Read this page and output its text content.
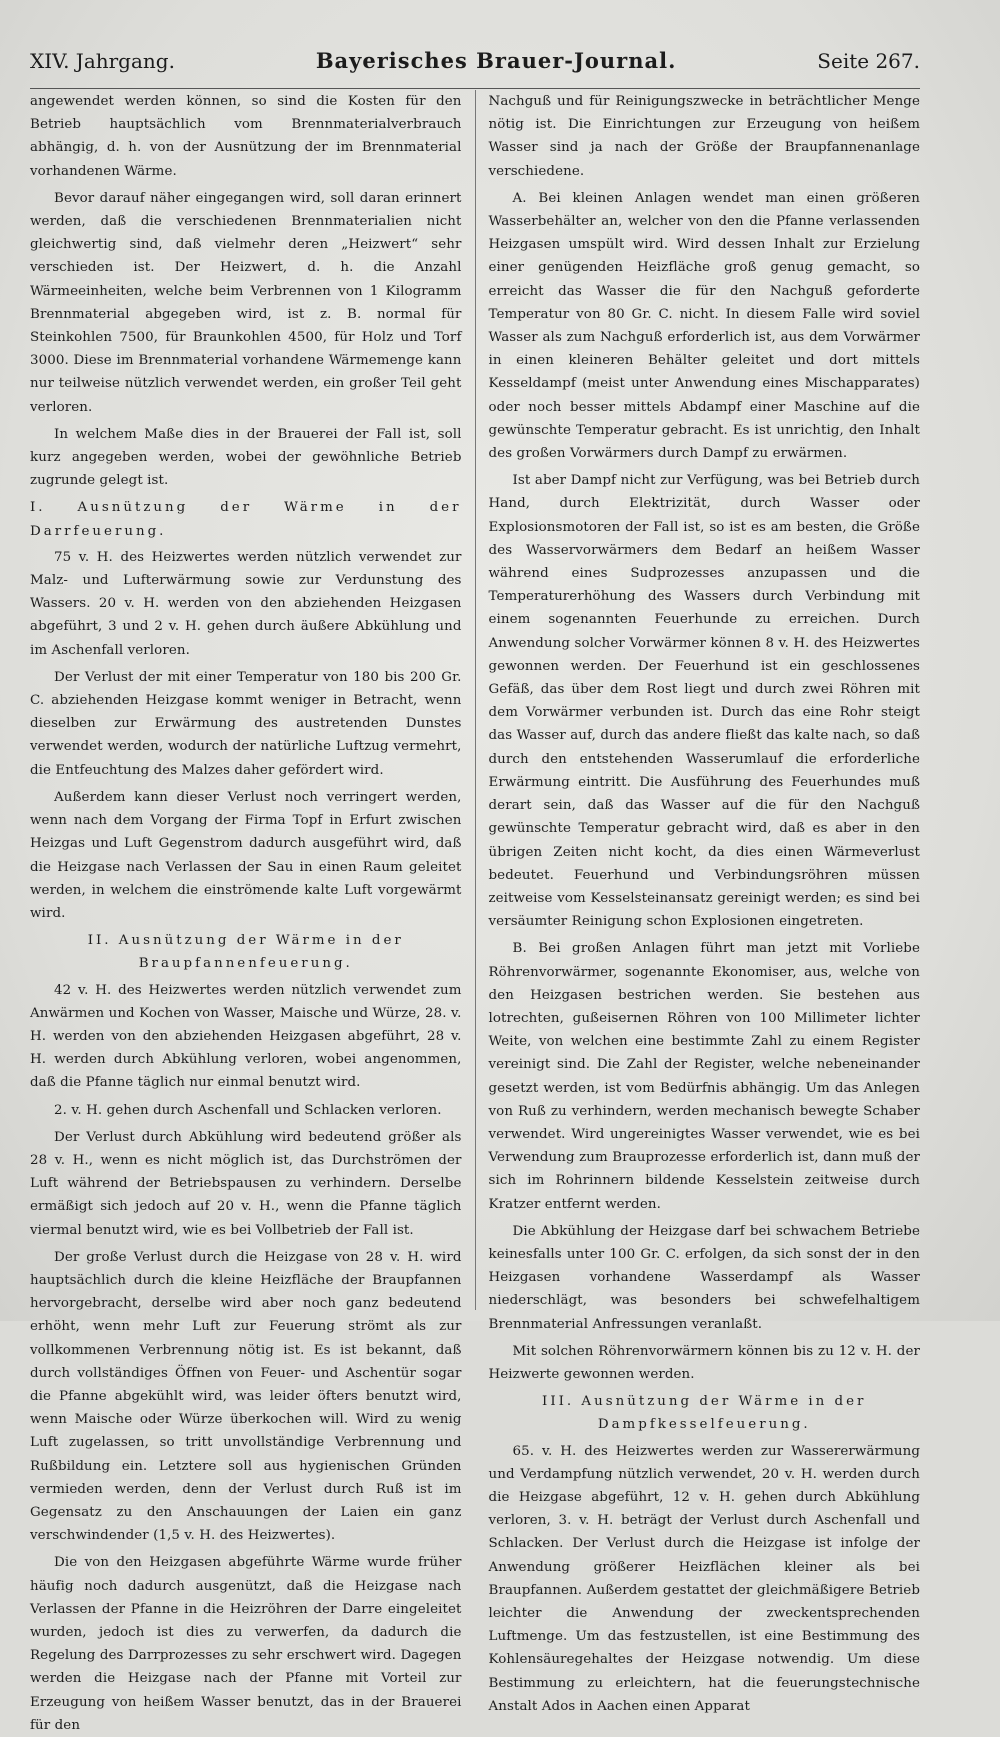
XIV. Jahrgang.	Bayerisches Brauer-Journal.	Seite 267.

angewendet werden können, so sind die Kosten für den Betrieb hauptsächlich vom Brennmaterialverbrauch abhängig, d. h. von der Ausnützung der im Brennmaterial vorhandenen Wärme.

Bevor darauf näher eingegangen wird, soll daran erinnert werden, daß die verschiedenen Brennmaterialien nicht gleichwertig sind, daß vielmehr deren „Heizwert“ sehr verschieden ist. Der Heizwert, d. h. die Anzahl Wärmeeinheiten, welche beim Verbrennen von 1 Kilogramm Brennmaterial abgegeben wird, ist z. B. normal für Steinkohlen 7500, für Braunkohlen 4500, für Holz und Torf 3000. Diese im Brennmaterial vorhandene Wärmemenge kann nur teilweise nützlich verwendet werden, ein großer Teil geht verloren.

In welchem Maße dies in der Brauerei der Fall ist, soll kurz angegeben werden, wobei der gewöhnliche Betrieb zugrunde gelegt ist.

I. Ausnützung der Wärme in der Darrfeuerung.

75 v. H. des Heizwertes werden nützlich verwendet zur Malz- und Lufterwärmung sowie zur Verdunstung des Wassers. 20 v. H. werden von den abziehenden Heizgasen abgeführt, 3 und 2 v. H. gehen durch äußere Abkühlung und im Aschenfall verloren.

Der Verlust der mit einer Temperatur von 180 bis 200 Gr. C. abziehenden Heizgase kommt weniger in Betracht, wenn dieselben zur Erwärmung des austretenden Dunstes verwendet werden, wodurch der natürliche Luftzug vermehrt, die Entfeuchtung des Malzes daher gefördert wird.

Außerdem kann dieser Verlust noch verringert werden, wenn nach dem Vorgang der Firma Topf in Erfurt zwischen Heizgas und Luft Gegenstrom dadurch ausgeführt wird, daß die Heizgase nach Verlassen der Sau in einen Raum geleitet werden, in welchem die einströmende kalte Luft vorgewärmt wird.

II. Ausnützung der Wärme in der
Braupfannenfeuerung.

42 v. H. des Heizwertes werden nützlich verwendet zum Anwärmen und Kochen von Wasser, Maische und Würze, 28. v. H. werden von den abziehenden Heizgasen abgeführt, 28 v. H. werden durch Abkühlung verloren, wobei angenommen, daß die Pfanne täglich nur einmal benutzt wird.

2. v. H. gehen durch Aschenfall und Schlacken verloren.

Der Verlust durch Abkühlung wird bedeutend größer als 28 v. H., wenn es nicht möglich ist, das Durchströmen der Luft während der Betriebspausen zu verhindern. Derselbe ermäßigt sich jedoch auf 20 v. H., wenn die Pfanne täglich viermal benutzt wird, wie es bei Vollbetrieb der Fall ist.

Der große Verlust durch die Heizgase von 28 v. H. wird hauptsächlich durch die kleine Heizfläche der Braupfannen hervorgebracht, derselbe wird aber noch ganz bedeutend erhöht, wenn mehr Luft zur Feuerung strömt als zur vollkommenen Verbrennung nötig ist. Es ist bekannt, daß durch vollständiges Öffnen von Feuer- und Aschentür sogar die Pfanne abgekühlt wird, was leider öfters benutzt wird, wenn Maische oder Würze überkochen will. Wird zu wenig Luft zugelassen, so tritt unvollständige Verbrennung und Rußbildung ein. Letztere soll aus hygienischen Gründen vermieden werden, denn der Verlust durch Ruß ist im Gegensatz zu den Anschauungen der Laien ein ganz verschwindender (1,5 v. H. des Heizwertes).

Die von den Heizgasen abgeführte Wärme wurde früher häufig noch dadurch ausgenützt, daß die Heizgase nach Verlassen der Pfanne in die Heizröhren der Darre eingeleitet wurden, jedoch ist dies zu verwerfen, da dadurch die Regelung des Darrprozesses zu sehr erschwert wird. Dagegen werden die Heizgase nach der Pfanne mit Vorteil zur Erzeugung von heißem Wasser benutzt, das in der Brauerei für den

Nachguß und für Reinigungszwecke in beträchtlicher Menge nötig ist. Die Einrichtungen zur Erzeugung von heißem Wasser sind ja nach der Größe der Braupfannenanlage verschiedene.

A. Bei kleinen Anlagen wendet man einen größeren Wasserbehälter an, welcher von den die Pfanne verlassenden Heizgasen umspült wird. Wird dessen Inhalt zur Erzielung einer genügenden Heizfläche groß genug gemacht, so erreicht das Wasser die für den Nachguß geforderte Temperatur von 80 Gr. C. nicht. In diesem Falle wird soviel Wasser als zum Nachguß erforderlich ist, aus dem Vorwärmer in einen kleineren Behälter geleitet und dort mittels Kesseldampf (meist unter Anwendung eines Mischapparates) oder noch besser mittels Abdampf einer Maschine auf die gewünschte Temperatur gebracht. Es ist unrichtig, den Inhalt des großen Vorwärmers durch Dampf zu erwärmen.

Ist aber Dampf nicht zur Verfügung, was bei Betrieb durch Hand, durch Elektrizität, durch Wasser oder Explosionsmotoren der Fall ist, so ist es am besten, die Größe des Wasservorwärmers dem Bedarf an heißem Wasser während eines Sudprozesses anzupassen und die Temperaturerhöhung des Wassers durch Verbindung mit einem sogenannten Feuerhunde zu erreichen. Durch Anwendung solcher Vorwärmer können 8 v. H. des Heizwertes gewonnen werden. Der Feuerhund ist ein geschlossenes Gefäß, das über dem Rost liegt und durch zwei Röhren mit dem Vorwärmer verbunden ist. Durch das eine Rohr steigt das Wasser auf, durch das andere fließt das kalte nach, so daß durch den entstehenden Wasserumlauf die erforderliche Erwärmung eintritt. Die Ausführung des Feuerhundes muß derart sein, daß das Wasser auf die für den Nachguß gewünschte Temperatur gebracht wird, daß es aber in den übrigen Zeiten nicht kocht, da dies einen Wärmeverlust bedeutet. Feuerhund und Verbindungsröhren müssen zeitweise vom Kesselsteinansatz gereinigt werden; es sind bei versäumter Reinigung schon Explosionen eingetreten.

B. Bei großen Anlagen führt man jetzt mit Vorliebe Röhrenvorwärmer, sogenannte Ekonomiser, aus, welche von den Heizgasen bestrichen werden. Sie bestehen aus lotrechten, gußeisernen Röhren von 100 Millimeter lichter Weite, von welchen eine bestimmte Zahl zu einem Register vereinigt sind. Die Zahl der Register, welche nebeneinander gesetzt werden, ist vom Bedürfnis abhängig. Um das Anlegen von Ruß zu verhindern, werden mechanisch bewegte Schaber verwendet. Wird ungereinigtes Wasser verwendet, wie es bei Verwendung zum Brauprozesse erforderlich ist, dann muß der sich im Rohrinnern bildende Kesselstein zeitweise durch Kratzer entfernt werden.

Die Abkühlung der Heizgase darf bei schwachem Betriebe keinesfalls unter 100 Gr. C. erfolgen, da sich sonst der in den Heizgasen vorhandene Wasserdampf als Wasser niederschlägt, was besonders bei schwefelhaltigem Brennmaterial Anfressungen veranlaßt.

Mit solchen Röhrenvorwärmern können bis zu 12 v. H. der Heizwerte gewonnen werden.

III. Ausnützung der Wärme in der
Dampfkesselfeuerung.

65. v. H. des Heizwertes werden zur Wassererwärmung und Verdampfung nützlich verwendet, 20 v. H. werden durch die Heizgase abgeführt, 12 v. H. gehen durch Abkühlung verloren, 3. v. H. beträgt der Verlust durch Aschenfall und Schlacken. Der Verlust durch die Heizgase ist infolge der Anwendung größerer Heizflächen kleiner als bei Braupfannen. Außerdem gestattet der gleichmäßigere Betrieb leichter die Anwendung der zweckentsprechenden Luftmenge. Um das festzustellen, ist eine Bestimmung des Kohlensäuregehaltes der Heizgase notwendig. Um diese Bestimmung zu erleichtern, hat die feuerungstechnische Anstalt Ados in Aachen einen Apparat
